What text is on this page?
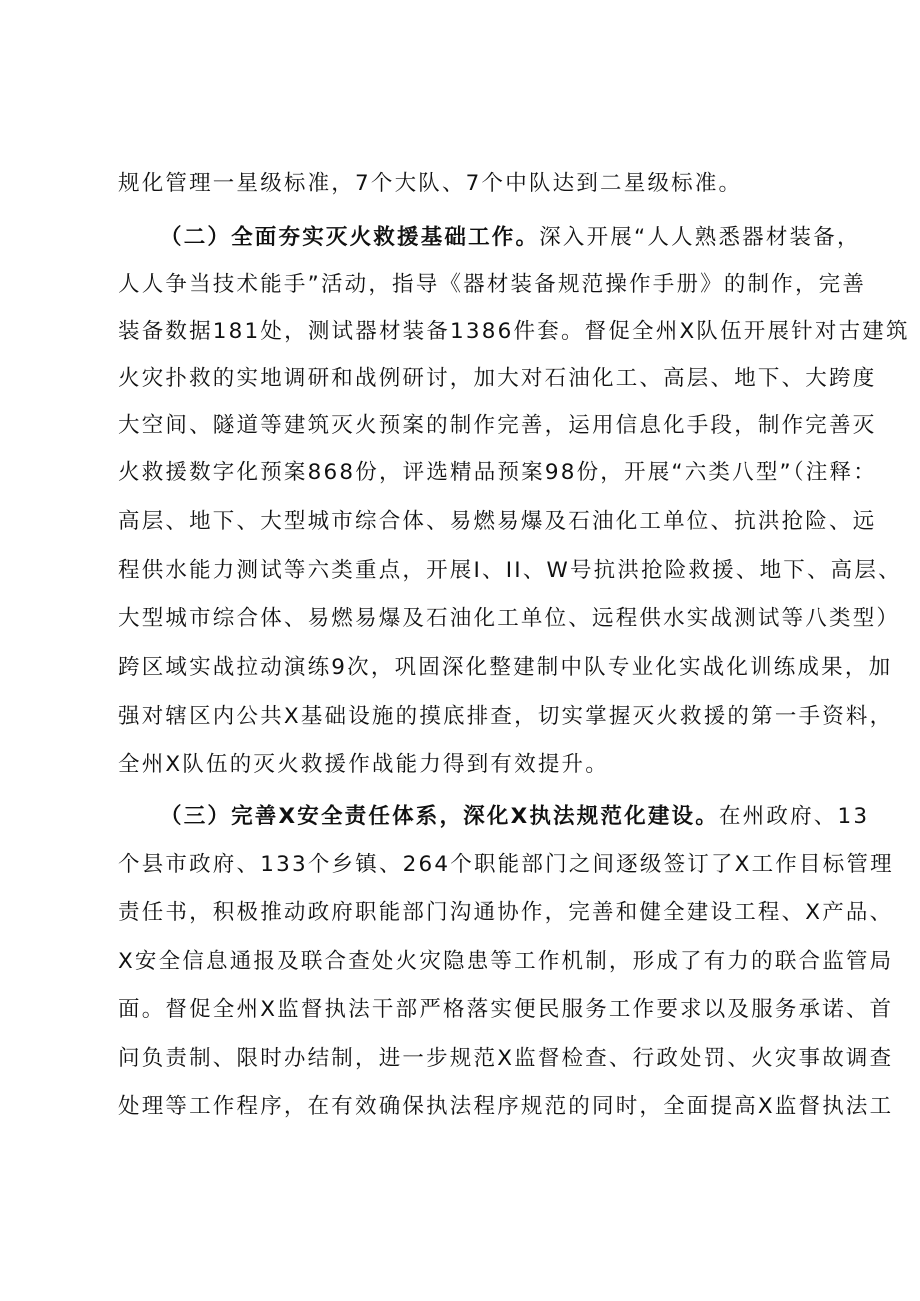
规化管理一星级标准，7个大队、7个中队达到二星级标准。
（二）全面夯实灭火救援基础工作。深入开展“人人熟悉器材装备，
人人争当技术能手”活动，指导《器材装备规范操作手册》的制作，完善
装备数据181处，测试器材装备1386件套。督促全州X队伍开展针对古建筑
火灾扑救的实地调研和战例研讨，加大对石油化工、高层、地下、大跨度
大空间、隧道等建筑灭火预案的制作完善，运用信息化手段，制作完善灭
火救援数字化预案868份，评选精品预案98份，开展“六类八型”（注释：
高层、地下、大型城市综合体、易燃易爆及石油化工单位、抗洪抢险、远
程供水能力测试等六类重点，开展I、II、W号抗洪抢险救援、地下、高层、
大型城市综合体、易燃易爆及石油化工单位、远程供水实战测试等八类型）
跨区域实战拉动演练9次，巩固深化整建制中队专业化实战化训练成果，加
强对辖区内公共X基础设施的摸底排查，切实掌握灭火救援的第一手资料，
全州X队伍的灭火救援作战能力得到有效提升。
（三）完善X安全责任体系，深化X执法规范化建设。在州政府、13
个县市政府、133个乡镇、264个职能部门之间逐级签订了X工作目标管理
责任书，积极推动政府职能部门沟通协作，完善和健全建设工程、X产品、
X安全信息通报及联合查处火灾隐患等工作机制，形成了有力的联合监管局
面。督促全州X监督执法干部严格落实便民服务工作要求以及服务承诺、首
问负责制、限时办结制，进一步规范X监督检查、行政处罚、火灾事故调查
处理等工作程序，在有效确保执法程序规范的同时，全面提高X监督执法工
